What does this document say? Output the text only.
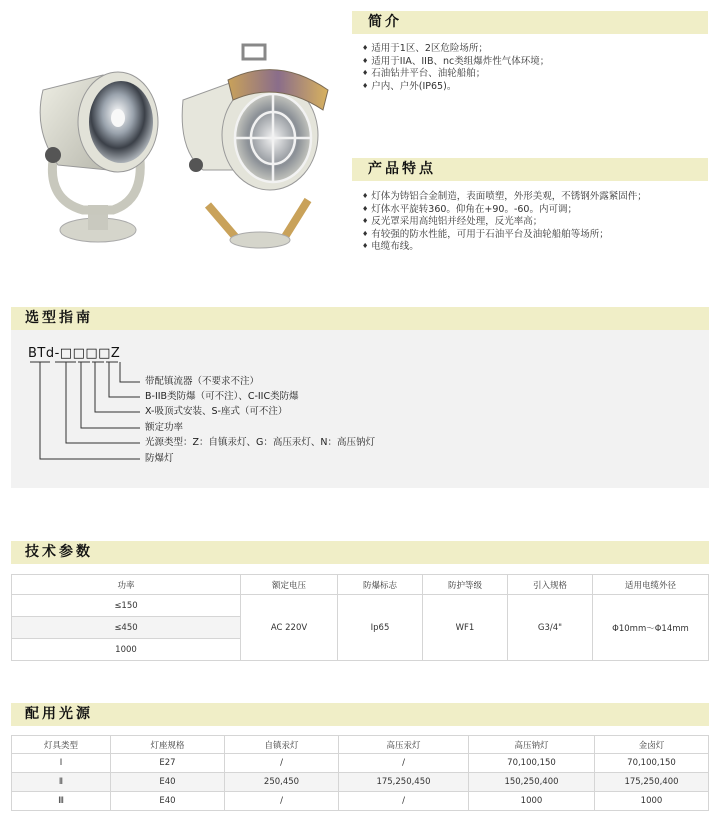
简介
♦ 适用于1区、2区危险场所；
♦ 适用于IIA、IIB、nc类组爆炸性气体环境；
♦ 石油钻井平台、油轮船舶；
♦ 户内、户外(IP65)。
产品特点
♦ 灯体为铸铝合金制造，表面喷塑，外形美观，不锈钢外露紧固件；
♦ 灯体水平旋转360。仰角在+90。-60。内可调；
♦ 反光罩采用高纯铝并经处理，反光率高；
♦ 有较强的防水性能，可用于石油平台及油轮船舶等场所；
♦ 电缆布线。
选型指南
BTd-□□□□Z
带配镇流器（不要求不注）
B-IIB类防爆（可不注）、C-IIC类防爆
X-吸顶式安装、S-座式（可不注）
额定功率
光源类型：Z：自镇汞灯、G：高压汞灯、N：高压钠灯
防爆灯
技术参数
功率	额定电压	防爆标志	防护等级	引入规格	适用电缆外径
≤150	AC 220V	Ip65	WF1	G3/4"	Φ10mm～Φ14mm
≤450					
1000					
配用光源
灯具类型	灯座规格	自镇汞灯	高压汞灯	高压钠灯	金卤灯
Ⅰ	E27	/	/	70,100,150	70,100,150
Ⅱ	E40	250,450	175,250,450	150,250,400	175,250,400
Ⅲ	E40	/	/	1000	1000
